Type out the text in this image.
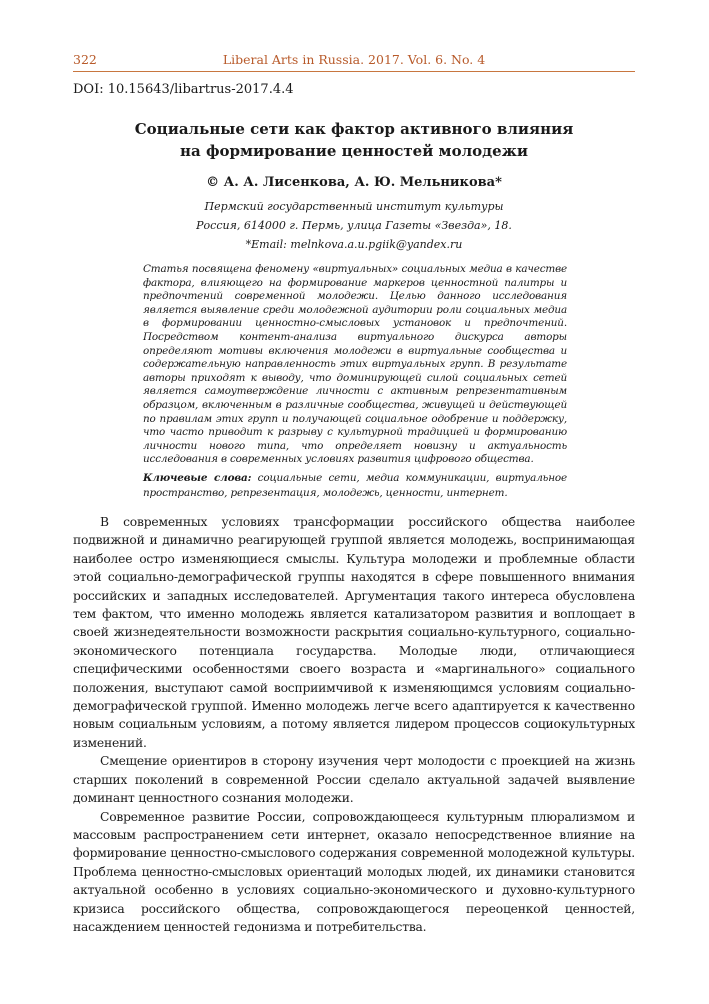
322	Liberal Arts in Russia. 2017. Vol. 6. No. 4
DOI: 10.15643/libartrus-2017.4.4
Социальные сети как фактор активного влияния
на формирование ценностей молодежи
© А. А. Лисенкова, А. Ю. Мельникова*
Пермский государственный институт культуры
Россия, 614000 г. Пермь, улица Газеты «Звезда», 18.
*Email: melnkova.a.u.pgiik@yandex.ru
Статья посвящена феномену «виртуальных» социальных медиа в качестве фактора, влияющего на формирование маркеров ценностной палитры и предпочтений современной молодежи. Целью данного исследования является выявление среди молодежной аудитории роли социальных медиа в формировании ценностно-смысловых установок и предпочтений. Посредством контент-анализа виртуального дискурса авторы определяют мотивы включения молодежи в виртуальные сообщества и содержательную направленность этих виртуальных групп. В результате авторы приходят к выводу, что доминирующей силой социальных сетей является самоутверждение личности с активным репрезентативным образцом, включенным в различные сообщества, живущей и действующей по правилам этих групп и получающей социальное одобрение и поддержку, что часто приводит к разрыву с культурной традицией и формированию личности нового типа, что определяет новизну и актуальность исследования в современных условиях развития цифрового общества.
Ключевые слова: социальные сети, медиа коммуникации, виртуальное пространство, репрезентация, молодежь, ценности, интернет.

В современных условиях трансформации российского общества наиболее подвижной и динамично реагирующей группой является молодежь, воспринимающая наиболее остро изменяющиеся смыслы. Культура молодежи и проблемные области этой социально-демографической группы находятся в сфере повышенного внимания российских и западных исследователей. Аргументация такого интереса обусловлена тем фактом, что именно молодежь является катализатором развития и воплощает в своей жизнедеятельности возможности раскрытия социально-культурного, социально-экономического потенциала государства. Молодые люди, отличающиеся специфическими особенностями своего возраста и «маргинального» социального положения, выступают самой восприимчивой к изменяющимся условиям социально-демографической группой. Именно молодежь легче всего адаптируется к качественно новым социальным условиям, а потому является лидером процессов социокультурных изменений.

Смещение ориентиров в сторону изучения черт молодости с проекцией на жизнь старших поколений в современной России сделало актуальной задачей выявление доминант ценностного сознания молодежи.

Современное развитие России, сопровождающееся культурным плюрализмом и массовым распространением сети интернет, оказало непосредственное влияние на формирование ценностно-смыслового содержания современной молодежной культуры. Проблема ценностно-смысловых ориентаций молодых людей, их динамики становится актуальной особенно в условиях социально-экономического и духовно-культурного кризиса российского общества, сопровождающегося переоценкой ценностей, насаждением ценностей гедонизма и потребительства.
